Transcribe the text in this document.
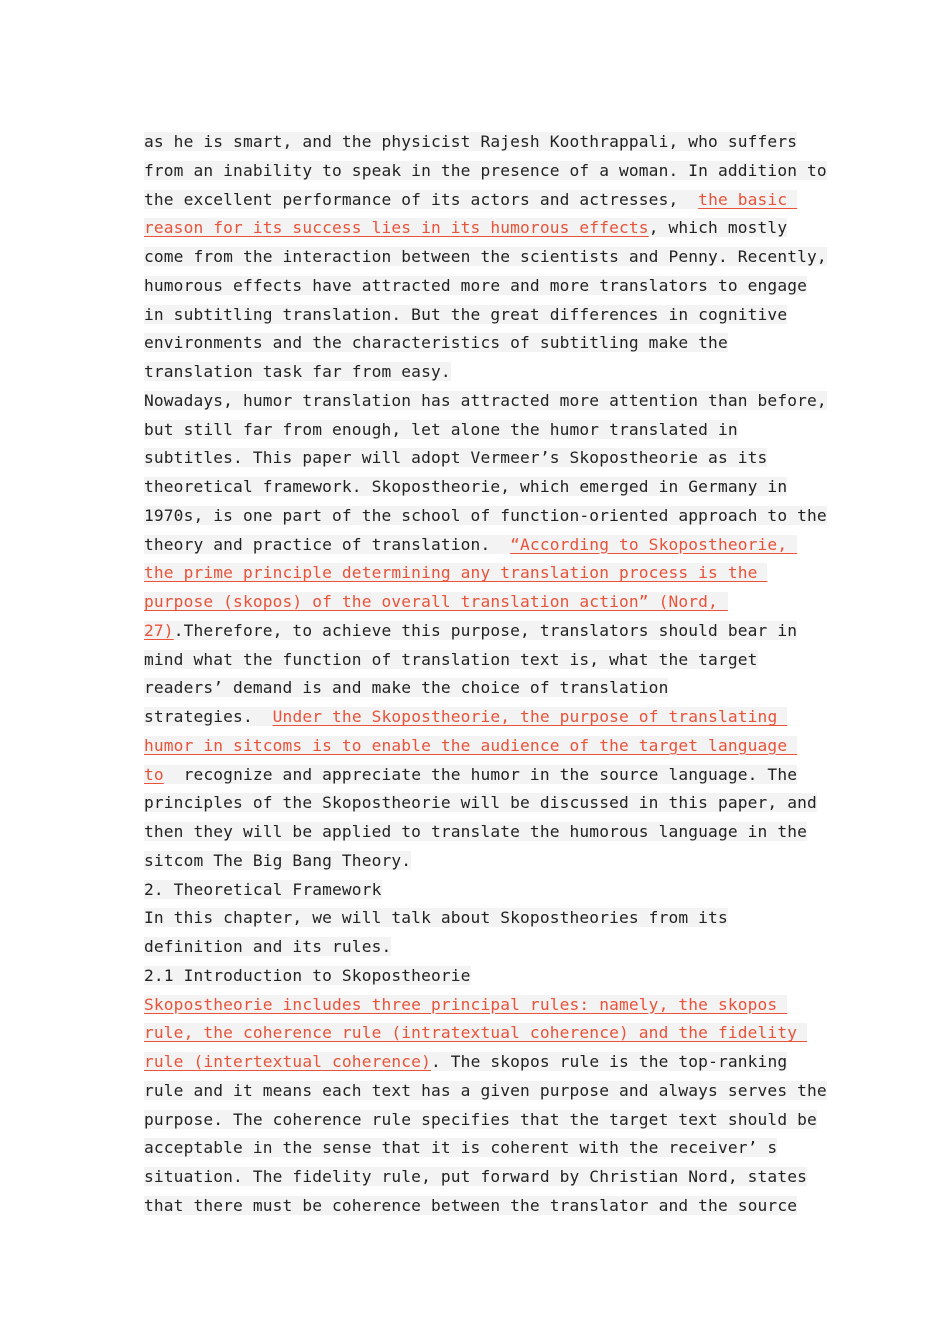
as he is smart, and the physicist Rajesh Koothrappali, who suffers
from an inability to speak in the presence of a woman. In addition to
the excellent performance of its actors and actresses,  the basic
reason for its success lies in its humorous effects, which mostly
come from the interaction between the scientists and Penny. Recently,
humorous effects have attracted more and more translators to engage
in subtitling translation. But the great differences in cognitive
environments and the characteristics of subtitling make the
translation task far from easy.
Nowadays, humor translation has attracted more attention than before,
but still far from enough, let alone the humor translated in
subtitles. This paper will adopt Vermeer’s Skopostheorie as its
theoretical framework. Skopostheorie, which emerged in Germany in
1970s, is one part of the school of function-oriented approach to the
theory and practice of translation.  “According to Skopostheorie,
the prime principle determining any translation process is the
purpose (skopos) of the overall translation action” (Nord,
27).Therefore, to achieve this purpose, translators should bear in
mind what the function of translation text is, what the target
readers’ demand is and make the choice of translation
strategies.  Under the Skopostheorie, the purpose of translating
humor in sitcoms is to enable the audience of the target language
to  recognize and appreciate the humor in the source language. The
principles of the Skopostheorie will be discussed in this paper, and
then they will be applied to translate the humorous language in the
sitcom The Big Bang Theory.
2. Theoretical Framework
In this chapter, we will talk about Skopostheories from its
definition and its rules.
2.1 Introduction to Skopostheorie
Skopostheorie includes three principal rules: namely, the skopos
rule, the coherence rule (intratextual coherence) and the fidelity
rule (intertextual coherence). The skopos rule is the top-ranking
rule and it means each text has a given purpose and always serves the
purpose. The coherence rule specifies that the target text should be
acceptable in the sense that it is coherent with the receiver’ s
situation. The fidelity rule, put forward by Christian Nord, states
that there must be coherence between the translator and the source
